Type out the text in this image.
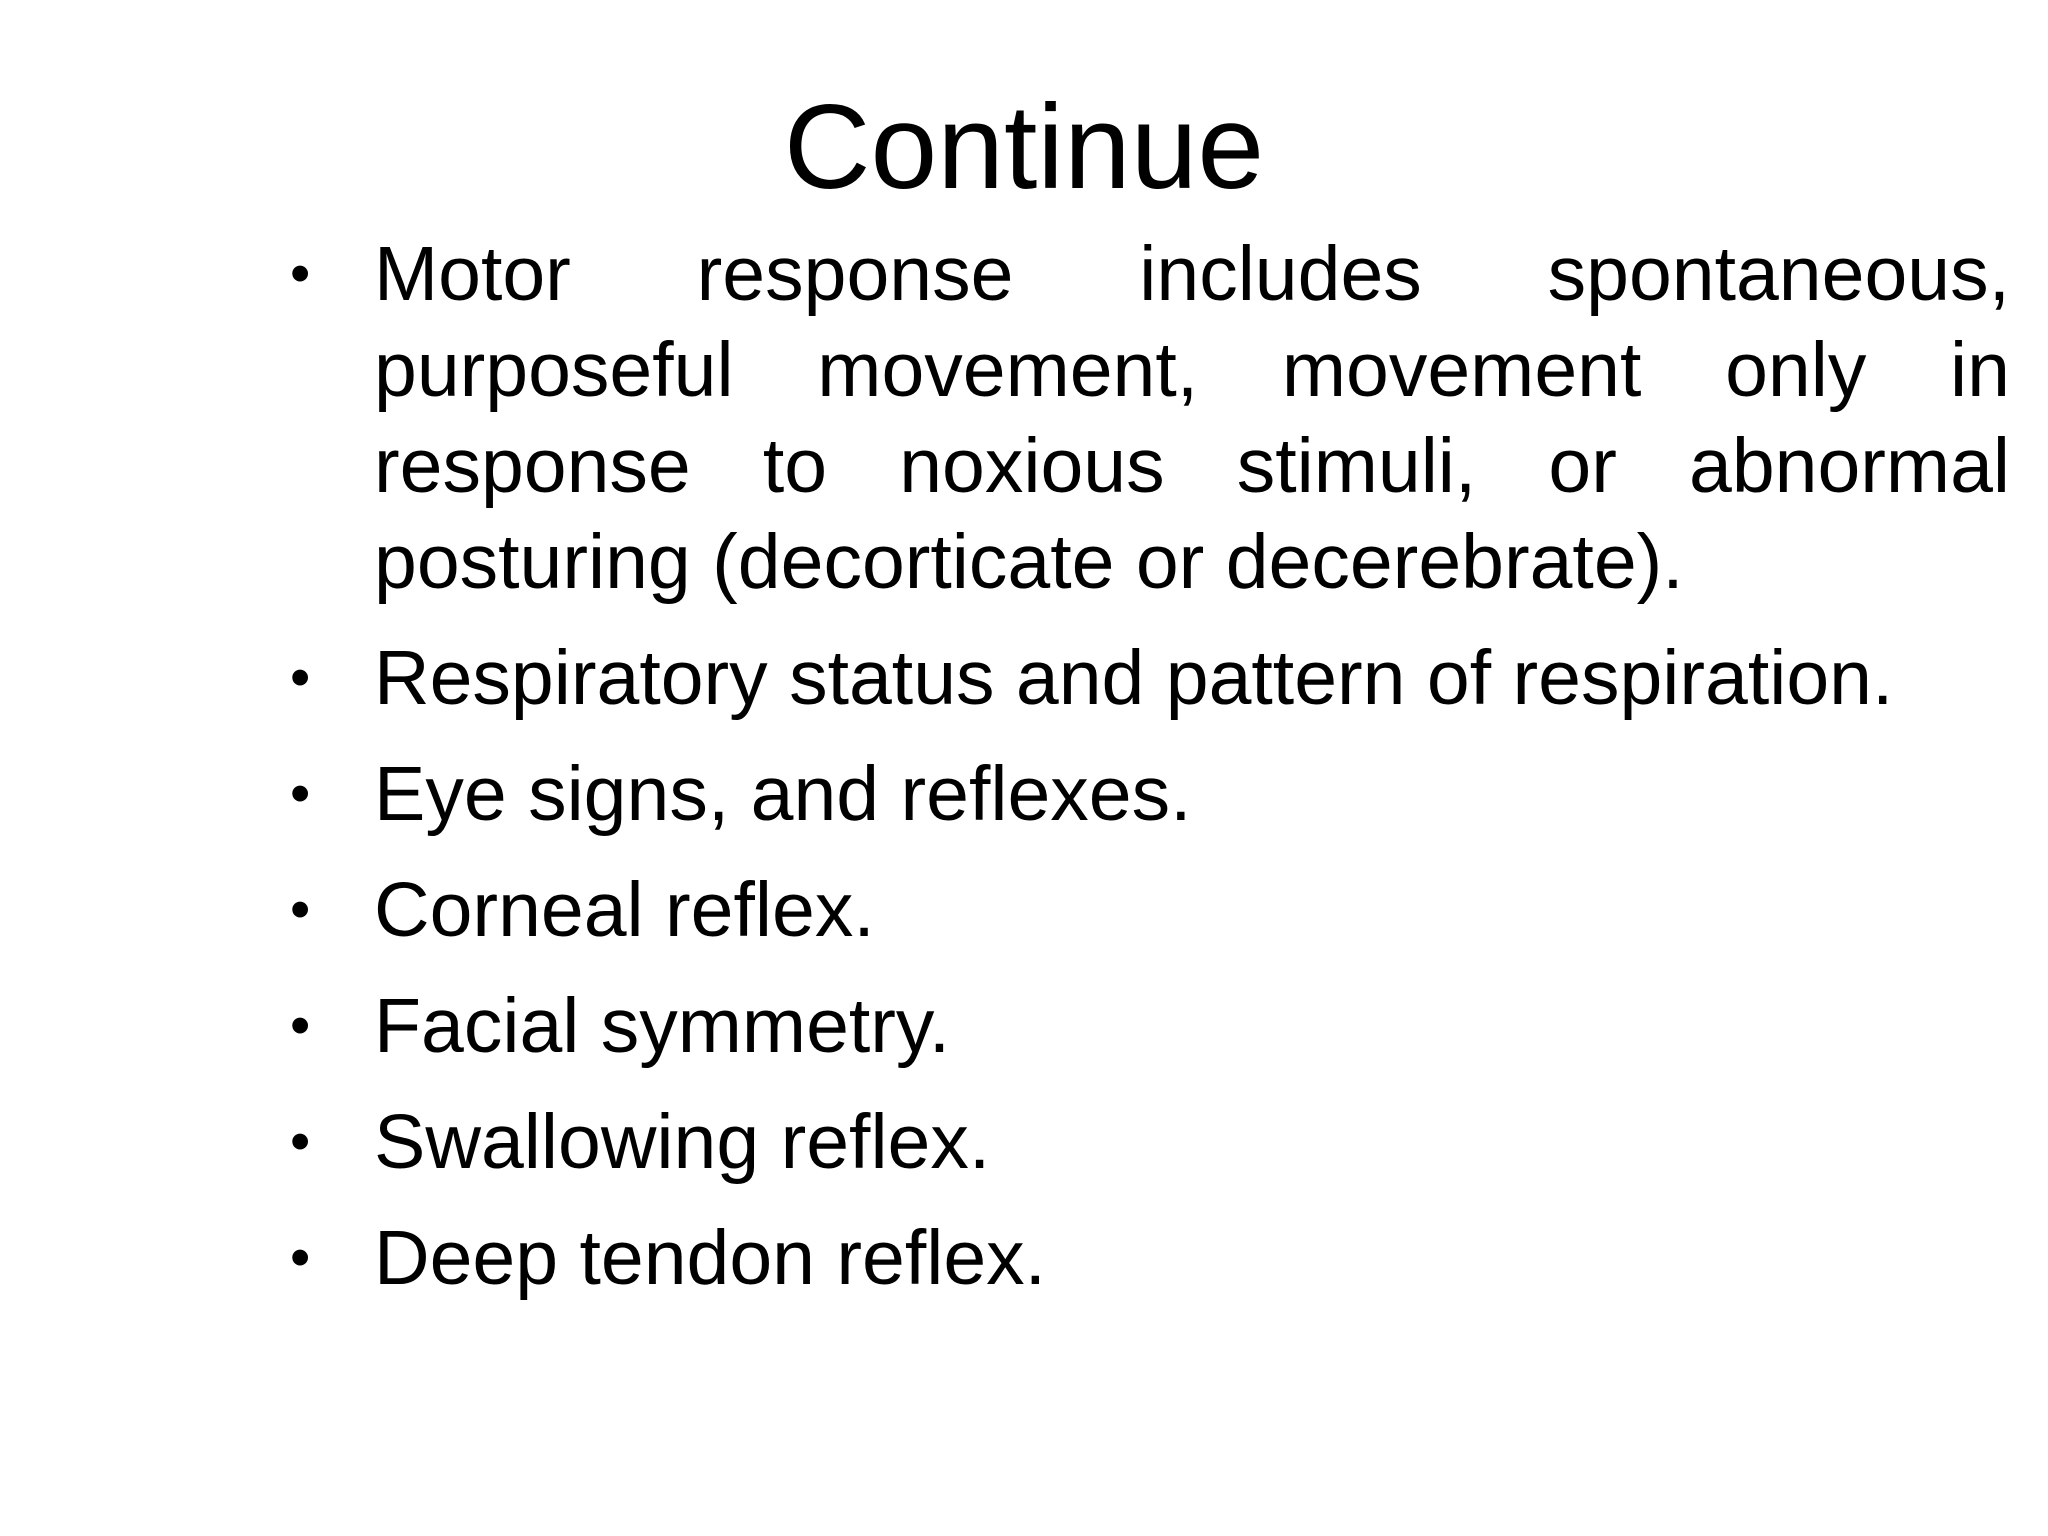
Continue
• Motor response includes spontaneous, purposeful movement, movement only in response to noxious stimuli, or abnormal posturing (decorticate or decerebrate).
• Respiratory status and pattern of respiration.
• Eye signs, and reflexes.
• Corneal reflex.
• Facial symmetry.
• Swallowing reflex.
• Deep tendon reflex.
